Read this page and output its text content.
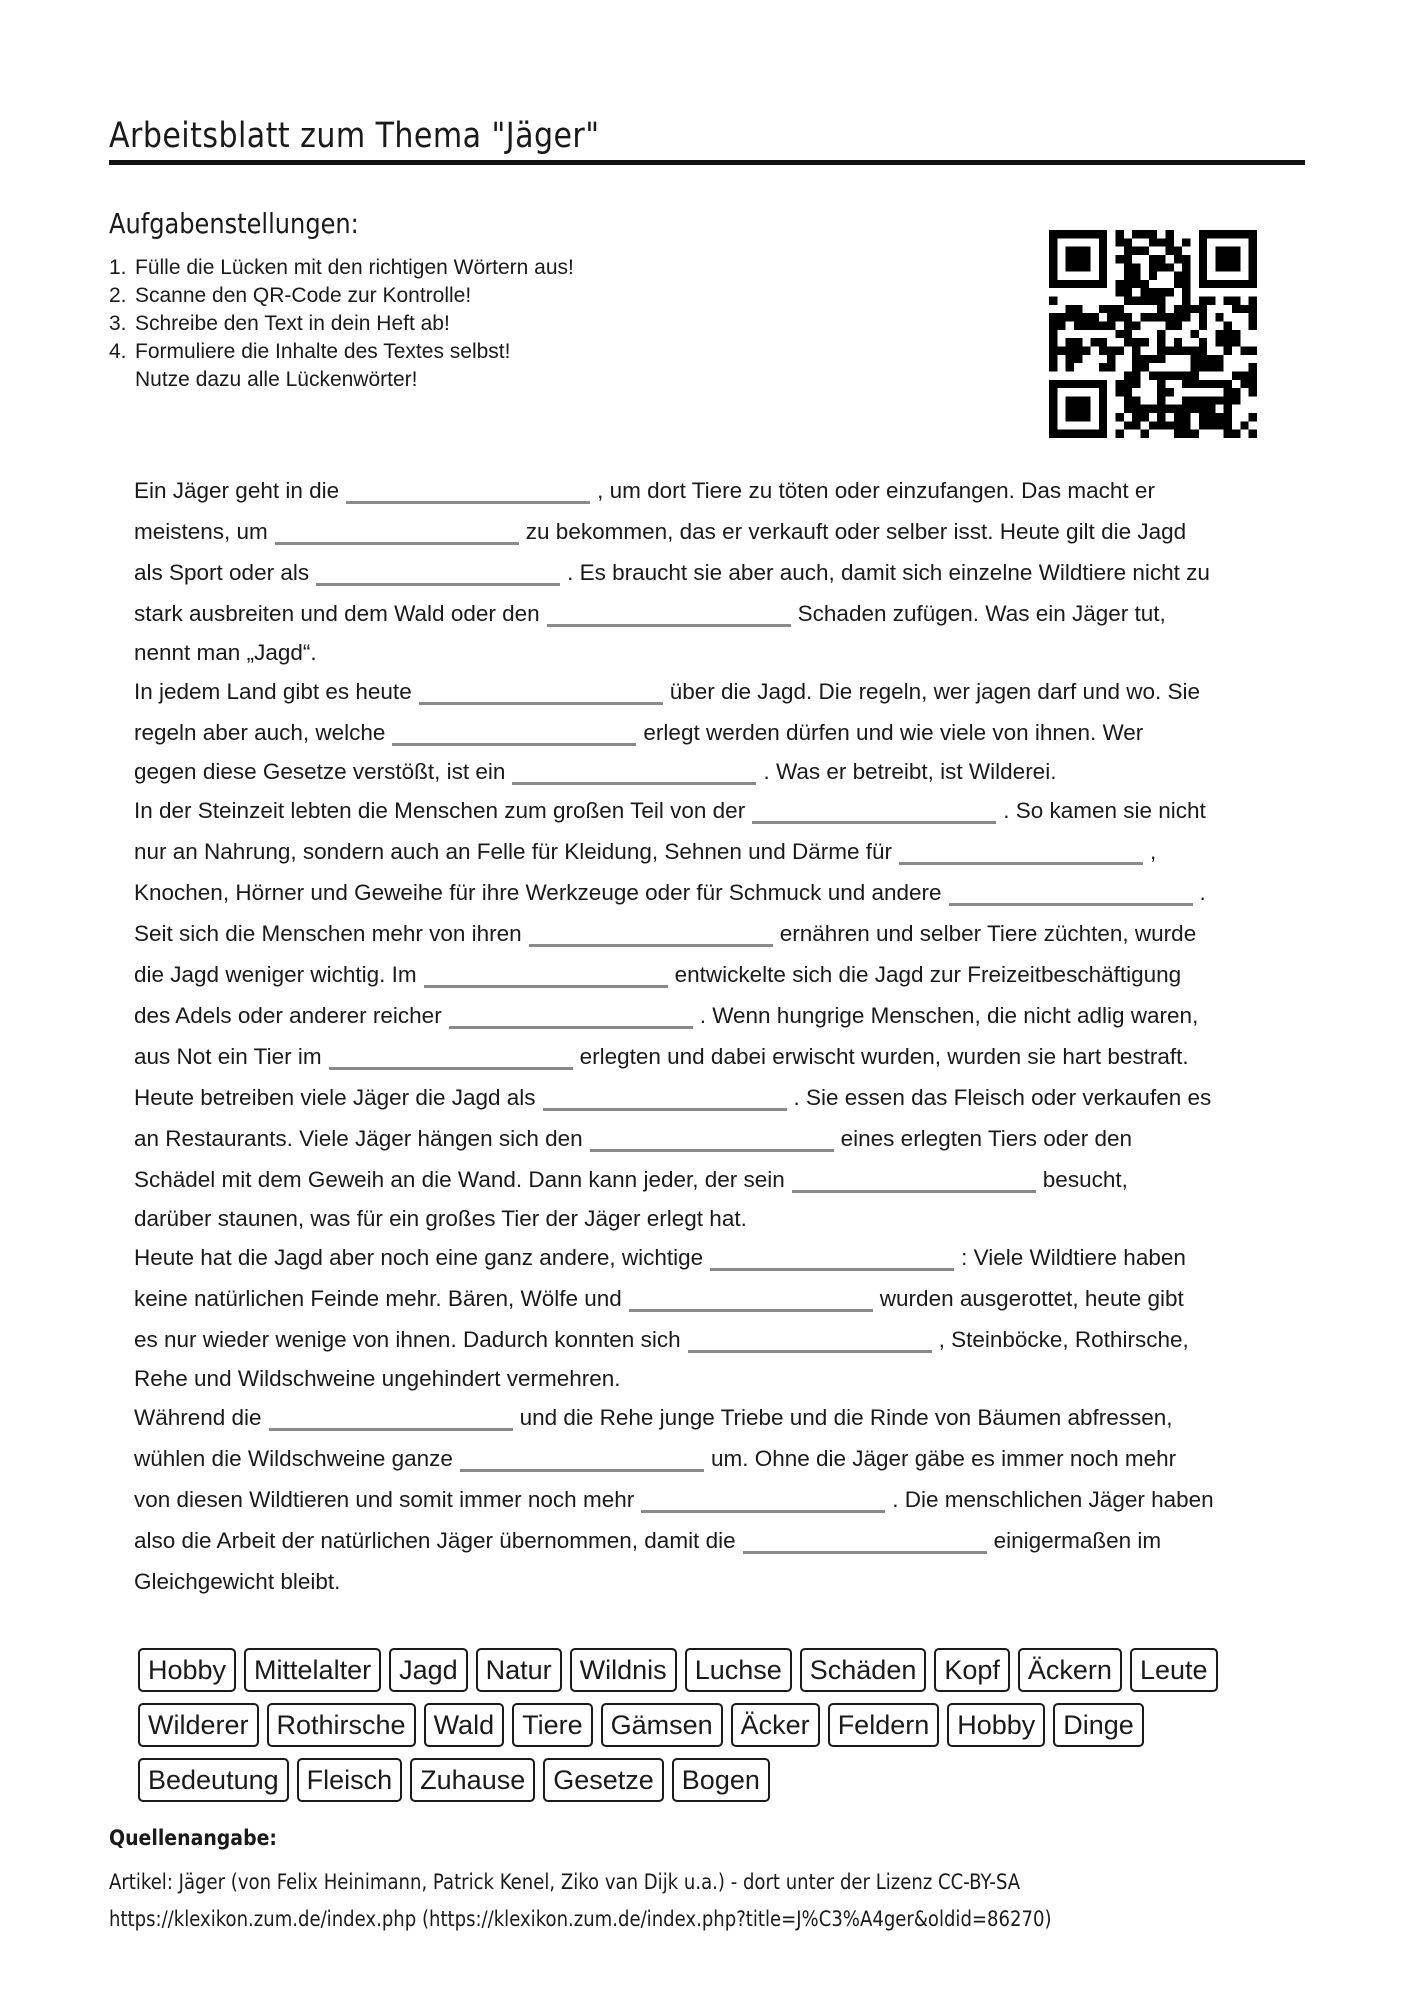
Arbeitsblatt zum Thema "Jäger"
Aufgabenstellungen:
1. Fülle die Lücken mit den richtigen Wörtern aus!
2. Scanne den QR-Code zur Kontrolle!
3. Schreibe den Text in dein Heft ab!
4. Formuliere die Inhalte des Textes selbst!
Nutze dazu alle Lückenwörter!
Ein Jäger geht in die	, um dort Tiere zu töten oder einzufangen. Das macht er
meistens, um	zu bekommen, das er verkauft oder selber isst. Heute gilt die Jagd
als Sport oder als	. Es braucht sie aber auch, damit sich einzelne Wildtiere nicht zu
stark ausbreiten und dem Wald oder den	Schaden zufügen. Was ein Jäger tut,
nennt man „Jagd“.
In jedem Land gibt es heute	über die Jagd. Die regeln, wer jagen darf und wo. Sie
regeln aber auch, welche	erlegt werden dürfen und wie viele von ihnen. Wer
gegen diese Gesetze verstößt, ist ein	. Was er betreibt, ist Wilderei.
In der Steinzeit lebten die Menschen zum großen Teil von der	. So kamen sie nicht
nur an Nahrung, sondern auch an Felle für Kleidung, Sehnen und Därme für	,
Knochen, Hörner und Geweihe für ihre Werkzeuge oder für Schmuck und andere	.
Seit sich die Menschen mehr von ihren	ernähren und selber Tiere züchten, wurde
die Jagd weniger wichtig. Im	entwickelte sich die Jagd zur Freizeitbeschäftigung
des Adels oder anderer reicher	. Wenn hungrige Menschen, die nicht adlig waren,
aus Not ein Tier im	erlegten und dabei erwischt wurden, wurden sie hart bestraft.
Heute betreiben viele Jäger die Jagd als	. Sie essen das Fleisch oder verkaufen es
an Restaurants. Viele Jäger hängen sich den	eines erlegten Tiers oder den
Schädel mit dem Geweih an die Wand. Dann kann jeder, der sein	besucht,
darüber staunen, was für ein großes Tier der Jäger erlegt hat.
Heute hat die Jagd aber noch eine ganz andere, wichtige	: Viele Wildtiere haben
keine natürlichen Feinde mehr. Bären, Wölfe und	wurden ausgerottet, heute gibt
es nur wieder wenige von ihnen. Dadurch konnten sich	, Steinböcke, Rothirsche,
Rehe und Wildschweine ungehindert vermehren.
Während die	und die Rehe junge Triebe und die Rinde von Bäumen abfressen,
wühlen die Wildschweine ganze	um. Ohne die Jäger gäbe es immer noch mehr
von diesen Wildtieren und somit immer noch mehr	. Die menschlichen Jäger haben
also die Arbeit der natürlichen Jäger übernommen, damit die	einigermaßen im
Gleichgewicht bleibt.
Hobby	Mittelalter	Jagd	Natur	Wildnis	Luchse	Schäden	Kopf	Äckern	Leute
Wilderer	Rothirsche	Wald	Tiere	Gämsen	Äcker	Feldern	Hobby	Dinge
Bedeutung	Fleisch	Zuhause	Gesetze	Bogen
Quellenangabe:
Artikel: Jäger (von Felix Heinimann, Patrick Kenel, Ziko van Dijk u.a.) - dort unter der Lizenz CC-BY-SA
https://klexikon.zum.de/index.php (https://klexikon.zum.de/index.php?title=J%C3%A4ger&oldid=86270)
